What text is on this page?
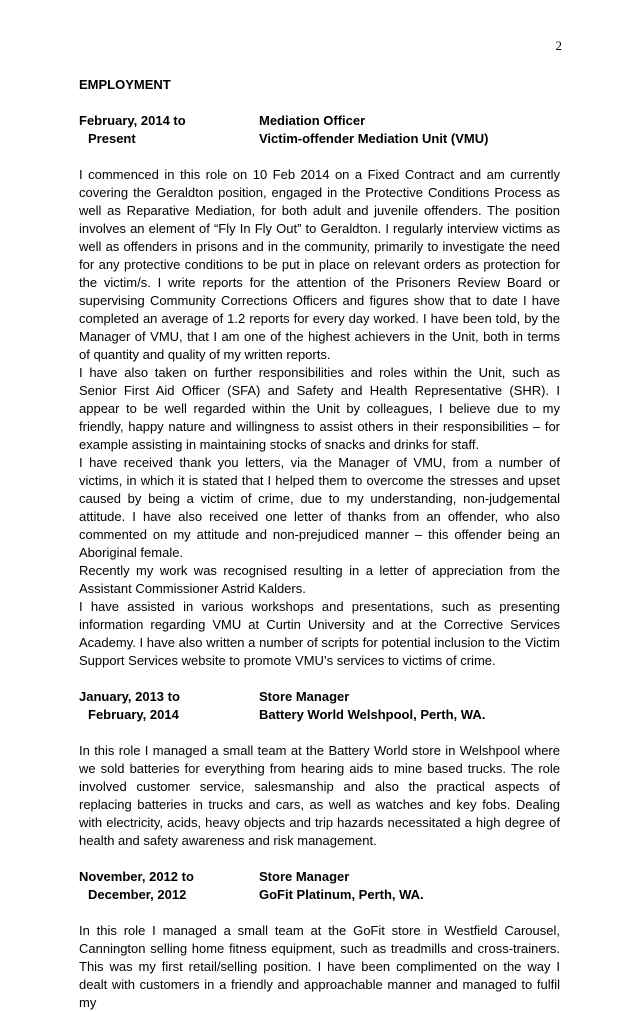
2
EMPLOYMENT
February, 2014 to
Present
Mediation Officer
Victim-offender Mediation Unit (VMU)

I commenced in this role on 10 Feb 2014 on a Fixed Contract and am currently covering the Geraldton position, engaged in the Protective Conditions Process as well as Reparative Mediation, for both adult and juvenile offenders. The position involves an element of “Fly In Fly Out” to Geraldton. I regularly interview victims as well as offenders in prisons and in the community, primarily to investigate the need for any protective conditions to be put in place on relevant orders as protection for the victim/s. I write reports for the attention of the Prisoners Review Board or supervising Community Corrections Officers and figures show that to date I have completed an average of 1.2 reports for every day worked. I have been told, by the Manager of VMU, that I am one of the highest achievers in the Unit, both in terms of quantity and quality of my written reports.

I have also taken on further responsibilities and roles within the Unit, such as Senior First Aid Officer (SFA) and Safety and Health Representative (SHR). I appear to be well regarded within the Unit by colleagues, I believe due to my friendly, happy nature and willingness to assist others in their responsibilities – for example assisting in maintaining stocks of snacks and drinks for staff.

I have received thank you letters, via the Manager of VMU, from a number of victims, in which it is stated that I helped them to overcome the stresses and upset caused by being a victim of crime, due to my understanding, non-judgemental attitude. I have also received one letter of thanks from an offender, who also commented on my attitude and non-prejudiced manner – this offender being an Aboriginal female.

Recently my work was recognised resulting in a letter of appreciation from the Assistant Commissioner Astrid Kalders.

I have assisted in various workshops and presentations, such as presenting information regarding VMU at Curtin University and at the Corrective Services Academy. I have also written a number of scripts for potential inclusion to the Victim Support Services website to promote VMU’s services to victims of crime.

January, 2013 to
February, 2014
Store Manager
Battery World Welshpool, Perth, WA.

In this role I managed a small team at the Battery World store in Welshpool where we sold batteries for everything from hearing aids to mine based trucks. The role involved customer service, salesmanship and also the practical aspects of replacing batteries in trucks and cars, as well as watches and key fobs. Dealing with electricity, acids, heavy objects and trip hazards necessitated a high degree of health and safety awareness and risk management.

November, 2012 to
December, 2012
Store Manager
GoFit Platinum, Perth, WA.

In this role I managed a small team at the GoFit store in Westfield Carousel, Cannington selling home fitness equipment, such as treadmills and cross-trainers. This was my first retail/selling position. I have been complimented on the way I dealt with customers in a friendly and approachable manner and managed to fulfil my
